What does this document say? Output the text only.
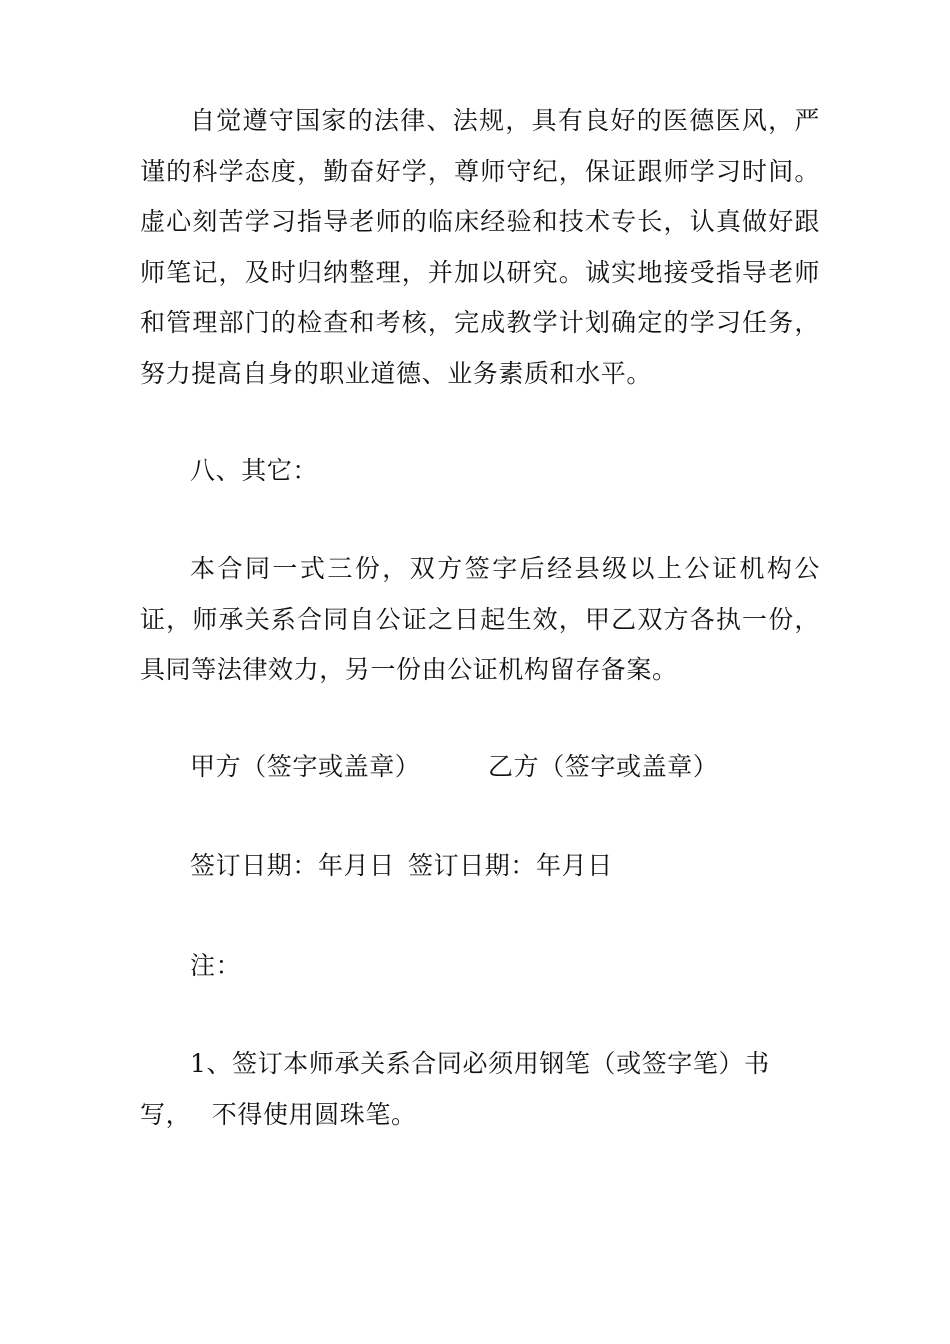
自觉遵守国家的法律、法规，具有良好的医德医风，严谨的科学态度，勤奋好学，尊师守纪，保证跟师学习时间。虚心刻苦学习指导老师的临床经验和技术专长，认真做好跟师笔记，及时归纳整理，并加以研究。诚实地接受指导老师和管理部门的检查和考核，完成教学计划确定的学习任务，努力提高自身的职业道德、业务素质和水平。

八、其它：

本合同一式三份，双方签字后经县级以上公证机构公证，师承关系合同自公证之日起生效，甲乙双方各执一份，具同等法律效力，另一份由公证机构留存备案。

甲方（签字或盖章）	乙方（签字或盖章）

签订日期：年月日 签订日期：年月日

注：

1、签订本师承关系合同必须用钢笔（或签字笔）书

写， 不得使用圆珠笔。
